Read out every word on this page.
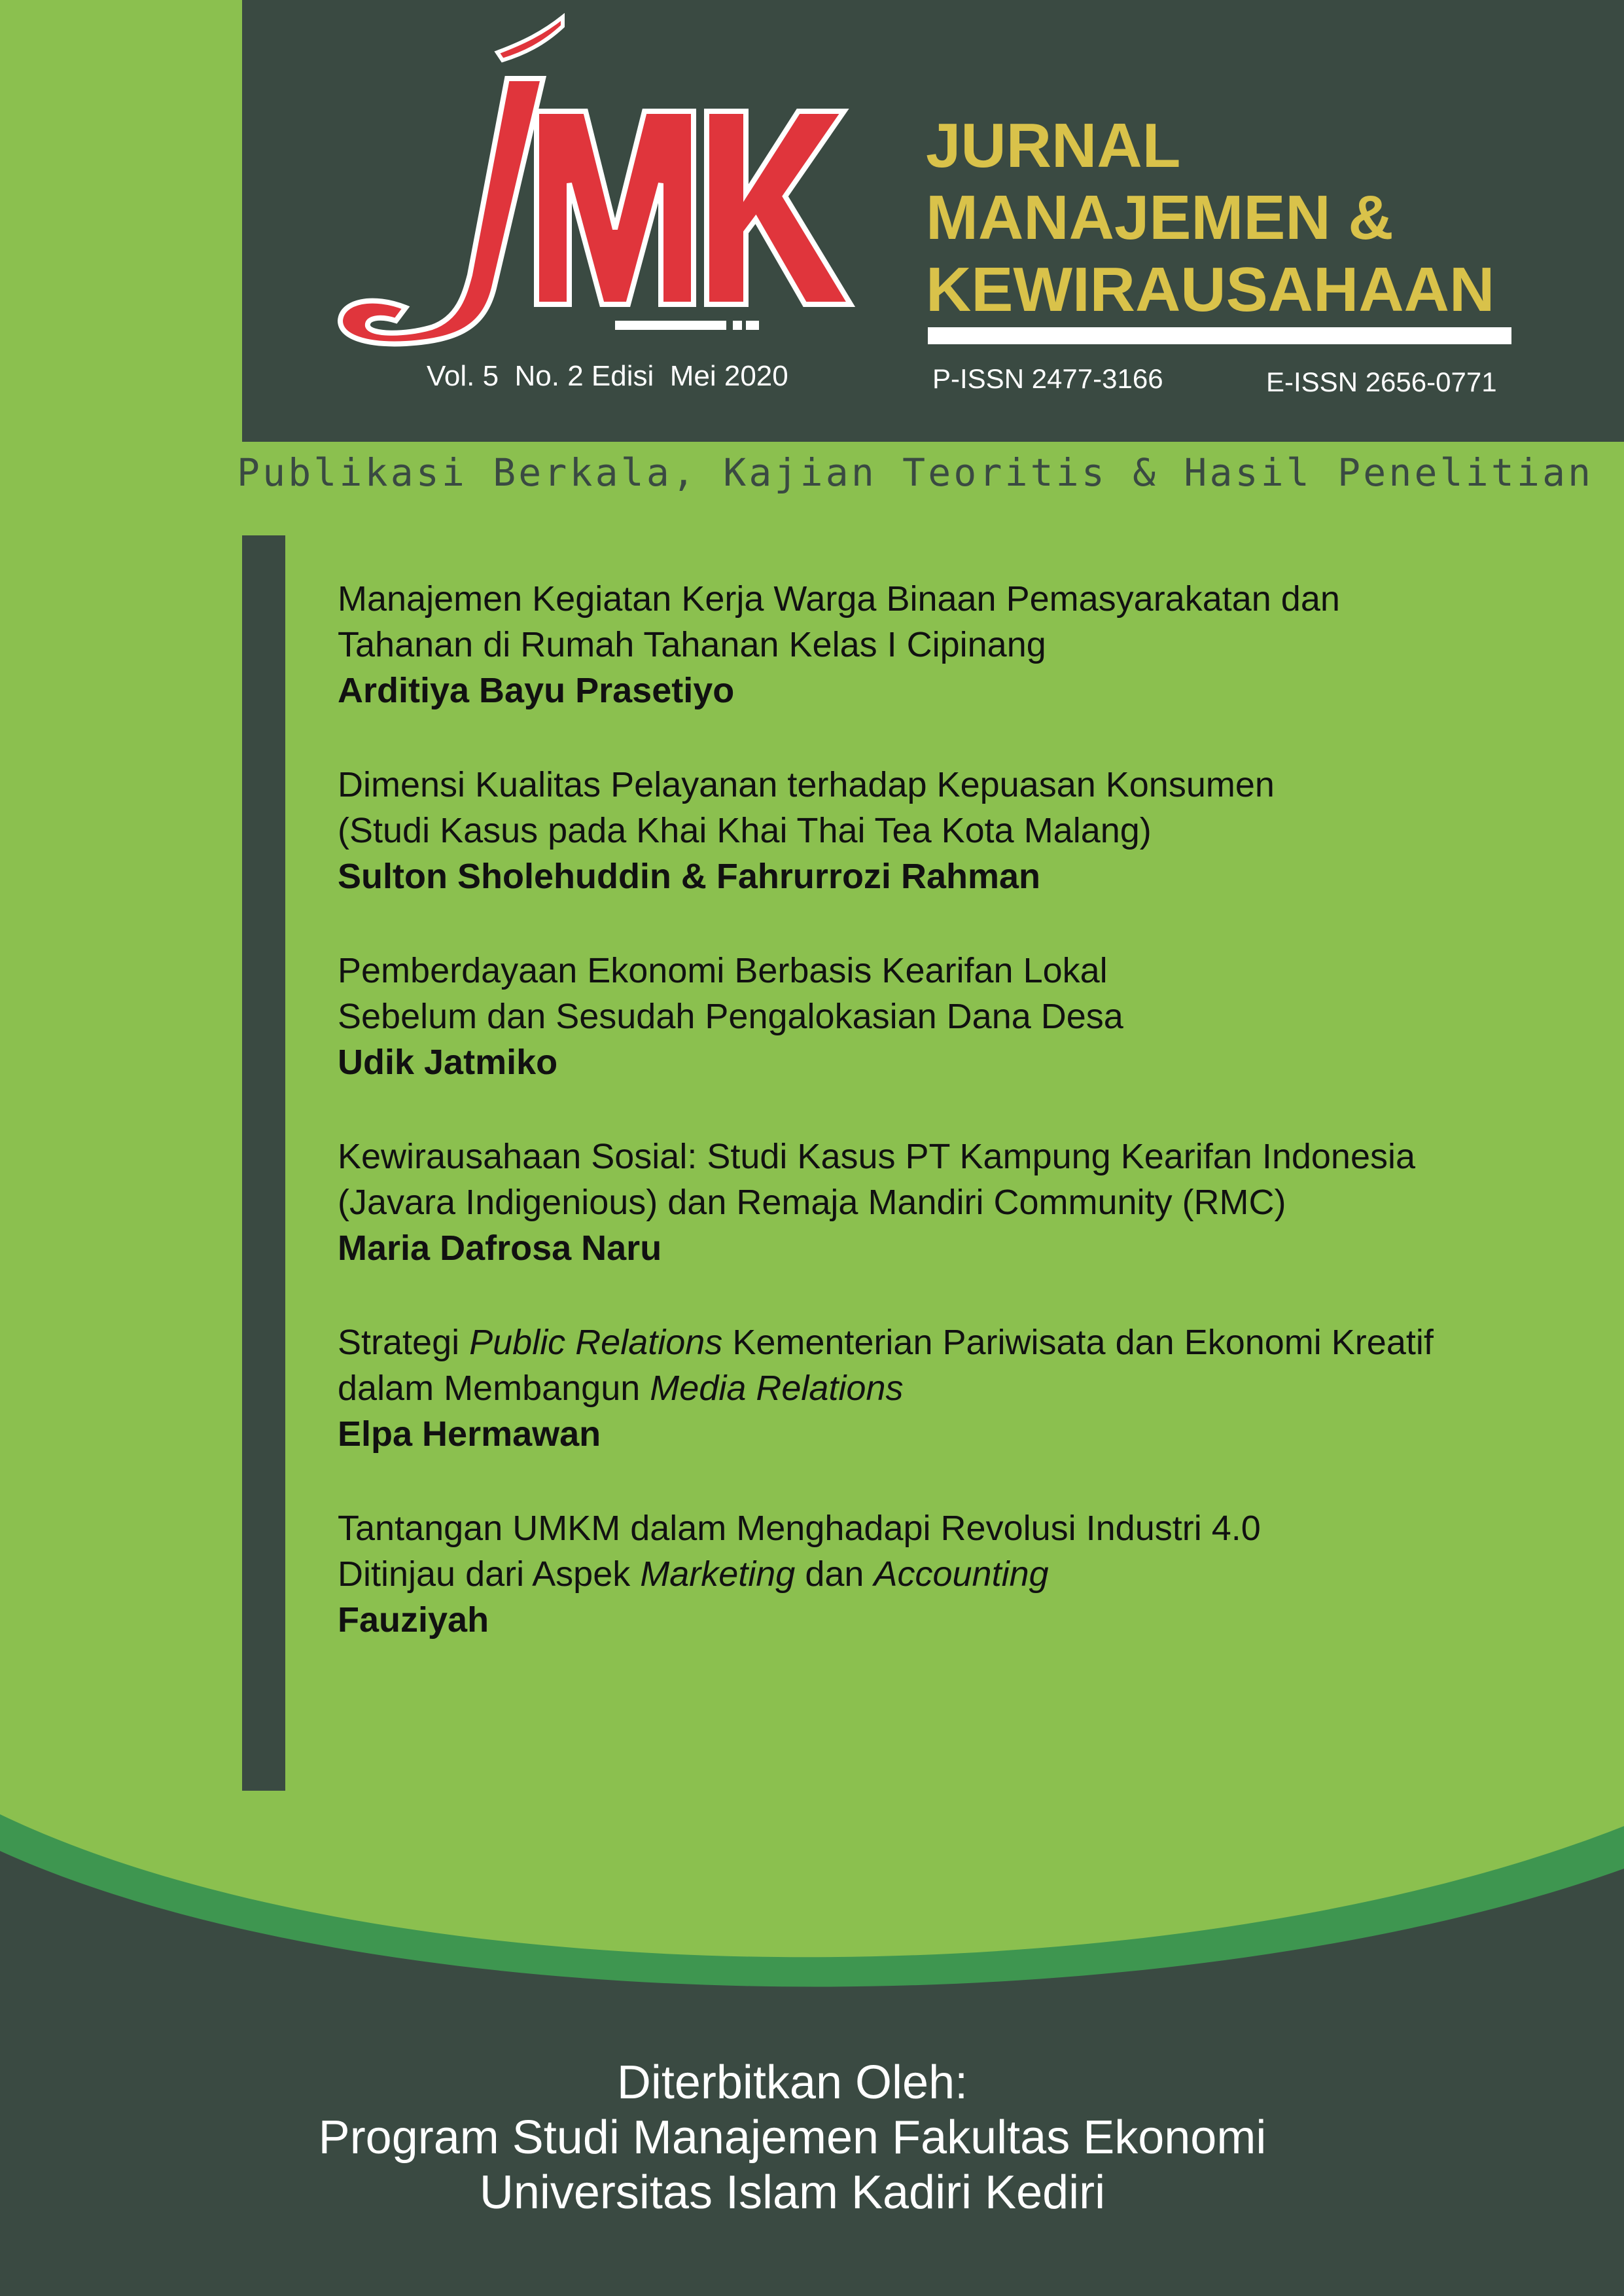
Vol. 5  No. 2 Edisi  Mei 2020
JURNAL
MANAJEMEN &
KEWIRAUSAHAAN
P-ISSN 2477-3166	E-ISSN 2656-0771
Publikasi Berkala, Kajian Teoritis & Hasil Penelitian
Manajemen Kegiatan Kerja Warga Binaan Pemasyarakatan dan
Tahanan di Rumah Tahanan Kelas I Cipinang
Arditiya Bayu Prasetiyo
Dimensi Kualitas Pelayanan terhadap Kepuasan Konsumen
(Studi Kasus pada Khai Khai Thai Tea Kota Malang)
Sulton Sholehuddin & Fahrurrozi Rahman
Pemberdayaan Ekonomi Berbasis Kearifan Lokal
Sebelum dan Sesudah Pengalokasian Dana Desa
Udik Jatmiko
Kewirausahaan Sosial: Studi Kasus PT Kampung Kearifan Indonesia
(Javara Indigenious) dan Remaja Mandiri Community (RMC)
Maria Dafrosa Naru
Strategi Public Relations Kementerian Pariwisata dan Ekonomi Kreatif
dalam Membangun Media Relations
Elpa Hermawan
Tantangan UMKM dalam Menghadapi Revolusi Industri 4.0
Ditinjau dari Aspek Marketing dan Accounting
Fauziyah
Diterbitkan Oleh:
Program Studi Manajemen Fakultas Ekonomi
Universitas Islam Kadiri Kediri
